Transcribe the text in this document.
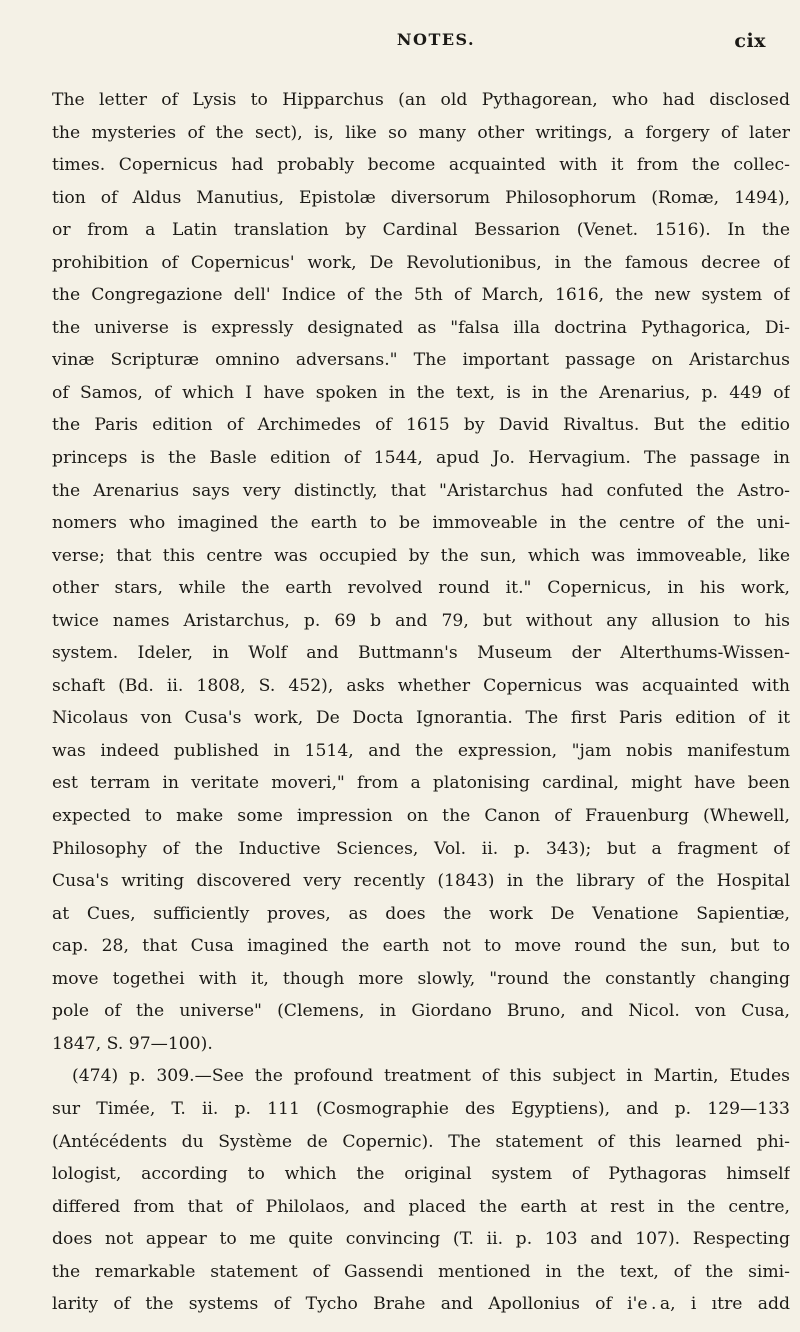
NOTES.	cix
The letter of Lysis to Hipparchus (an old Pythagorean, who had disclosed
the mysteries of the sect), is, like so many other writings, a forgery of later
times. Copernicus had probably become acquainted with it from the collec-
tion of Aldus Manutius, Epistolæ diversorum Philosophorum (Romæ, 1494),
or from a Latin translation by Cardinal Bessarion (Venet. 1516). In the
prohibition of Copernicus' work, De Revolutionibus, in the famous decree of
the Congregazione dell' Indice of the 5th of March, 1616, the new system of
the universe is expressly designated as "falsa illa doctrina Pythagorica, Di-
vinæ Scripturæ omnino adversans." The important passage on Aristarchus
of Samos, of which I have spoken in the text, is in the Arenarius, p. 449 of
the Paris edition of Archimedes of 1615 by David Rivaltus. But the editio
princeps is the Basle edition of 1544, apud Jo. Hervagium. The passage in
the Arenarius says very distinctly, that "Aristarchus had confuted the Astro-
nomers who imagined the earth to be immoveable in the centre of the uni-
verse; that this centre was occupied by the sun, which was immoveable, like
other stars, while the earth revolved round it." Copernicus, in his work,
twice names Aristarchus, p. 69 b and 79, but without any allusion to his
system. Ideler, in Wolf and Buttmann's Museum der Alterthums-Wissen-
schaft (Bd. ii. 1808, S. 452), asks whether Copernicus was acquainted with
Nicolaus von Cusa's work, De Docta Ignorantia. The first Paris edition of it
was indeed published in 1514, and the expression, "jam nobis manifestum
est terram in veritate moveri," from a platonising cardinal, might have been
expected to make some impression on the Canon of Frauenburg (Whewell,
Philosophy of the Inductive Sciences, Vol. ii. p. 343); but a fragment of
Cusa's writing discovered very recently (1843) in the library of the Hospital
at Cues, sufficiently proves, as does the work De Venatione Sapientiæ,
cap. 28, that Cusa imagined the earth not to move round the sun, but to
move togethei with it, though more slowly, "round the constantly changing
pole of the universe" (Clemens, in Giordano Bruno, and Nicol. von Cusa,
1847, S. 97—100).
(474) p. 309.—See the profound treatment of this subject in Martin, Etudes
sur Timée, T. ii. p. 111 (Cosmographie des Egyptiens), and p. 129—133
(Antécédents du Système de Copernic). The statement of this learned phi-
lologist, according to which the original system of Pythagoras himself
differed from that of Philolaos, and placed the earth at rest in the centre,
does not appear to me quite convincing (T. ii. p. 103 and 107). Respecting
the remarkable statement of Gassendi mentioned in the text, of the simi-
larity of the systems of Tycho Brahe and Apollonius of i'e . a, i ıtre add
